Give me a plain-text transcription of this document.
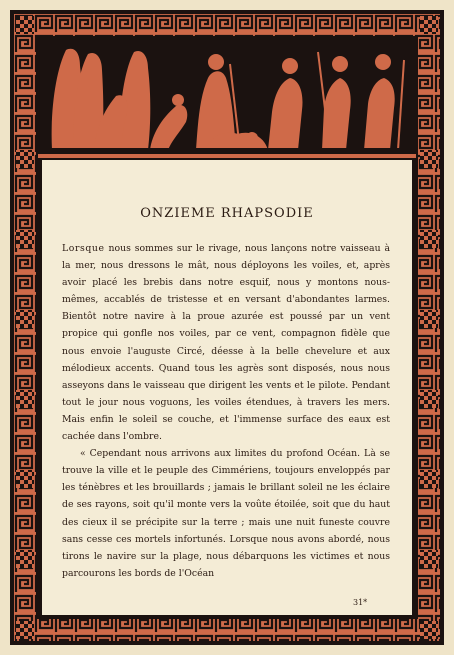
ONZIEME RHAPSODIE

Lorsque nous sommes sur le rivage, nous lançons notre vaisseau à la mer, nous dressons le mât, nous déployons les voiles, et, après avoir placé les brebis dans notre esquif, nous y montons nous-mêmes, accablés de tristesse et en versant d'abondantes larmes. Bientôt notre navire à la proue azurée est poussé par un vent propice qui gonfle nos voiles, par ce vent, compagnon fidèle que nous envoie l'auguste Circé, déesse à la belle chevelure et aux mélodieux accents. Quand tous les agrès sont disposés, nous nous asseyons dans le vaisseau que dirigent les vents et le pilote. Pendant tout le jour nous voguons, les voiles étendues, à travers les mers. Mais enfin le soleil se couche, et l'immense surface des eaux est cachée dans l'ombre.

« Cependant nous arrivons aux limites du profond Océan. Là se trouve la ville et le peuple des Cimmériens, toujours enveloppés par les ténèbres et les brouillards ; jamais le brillant soleil ne les éclaire de ses rayons, soit qu'il monte vers la voûte étoilée, soit que du haut des cieux il se précipite sur la terre ; mais une nuit funeste couvre sans cesse ces mortels infortunés. Lorsque nous avons abordé, nous tirons le navire sur la plage, nous débarquons les victimes et nous parcourons les bords de l'Océan

31*
